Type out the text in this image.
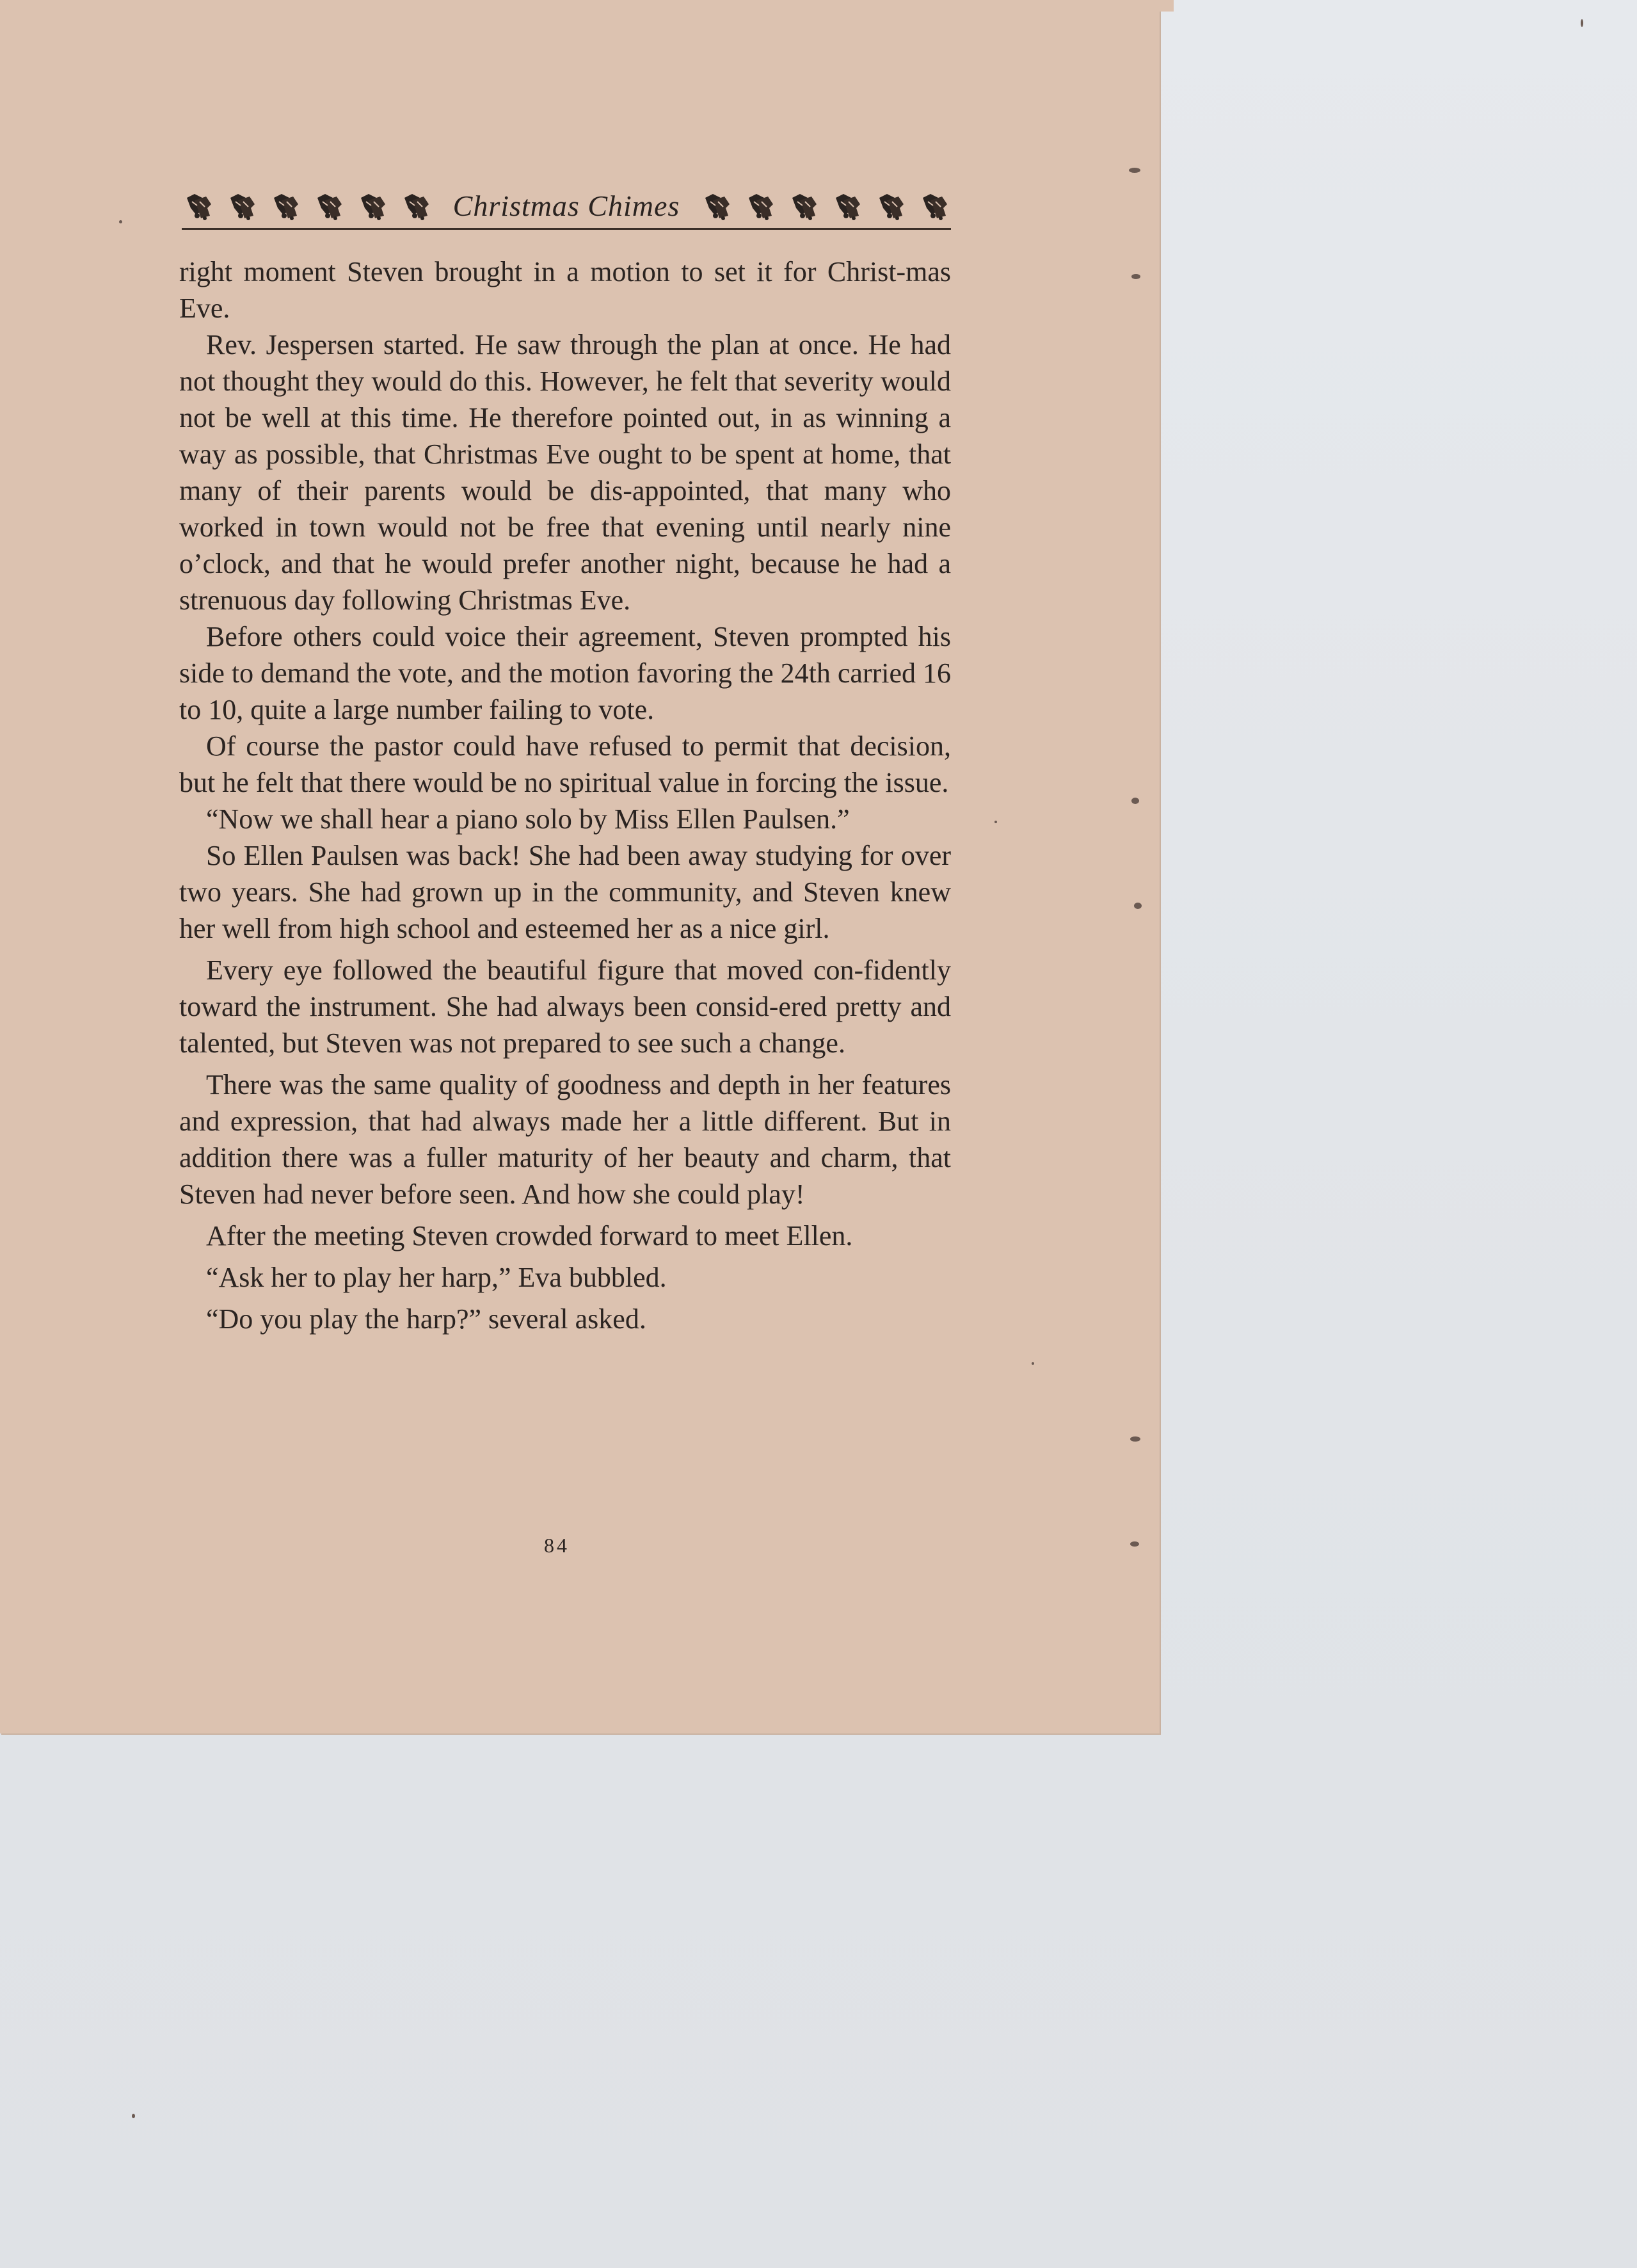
Christmas Chimes

right moment Steven brought in a motion to set it for Christ-mas Eve.

Rev. Jespersen started. He saw through the plan at once. He had not thought they would do this. However, he felt that severity would not be well at this time. He therefore pointed out, in as winning a way as possible, that Christmas Eve ought to be spent at home, that many of their parents would be dis-appointed, that many who worked in town would not be free that evening until nearly nine o’clock, and that he would prefer another night, because he had a strenuous day following Christmas Eve.

Before others could voice their agreement, Steven prompted his side to demand the vote, and the motion favoring the 24th carried 16 to 10, quite a large number failing to vote.

Of course the pastor could have refused to permit that decision, but he felt that there would be no spiritual value in forcing the issue.

“Now we shall hear a piano solo by Miss Ellen Paulsen.”

So Ellen Paulsen was back! She had been away studying for over two years. She had grown up in the community, and Steven knew her well from high school and esteemed her as a nice girl.

Every eye followed the beautiful figure that moved con-fidently toward the instrument. She had always been consid-ered pretty and talented, but Steven was not prepared to see such a change.

There was the same quality of goodness and depth in her features and expression, that had always made her a little different. But in addition there was a fuller maturity of her beauty and charm, that Steven had never before seen. And how she could play!

After the meeting Steven crowded forward to meet Ellen.

“Ask her to play her harp,” Eva bubbled.

“Do you play the harp?” several asked.

84
